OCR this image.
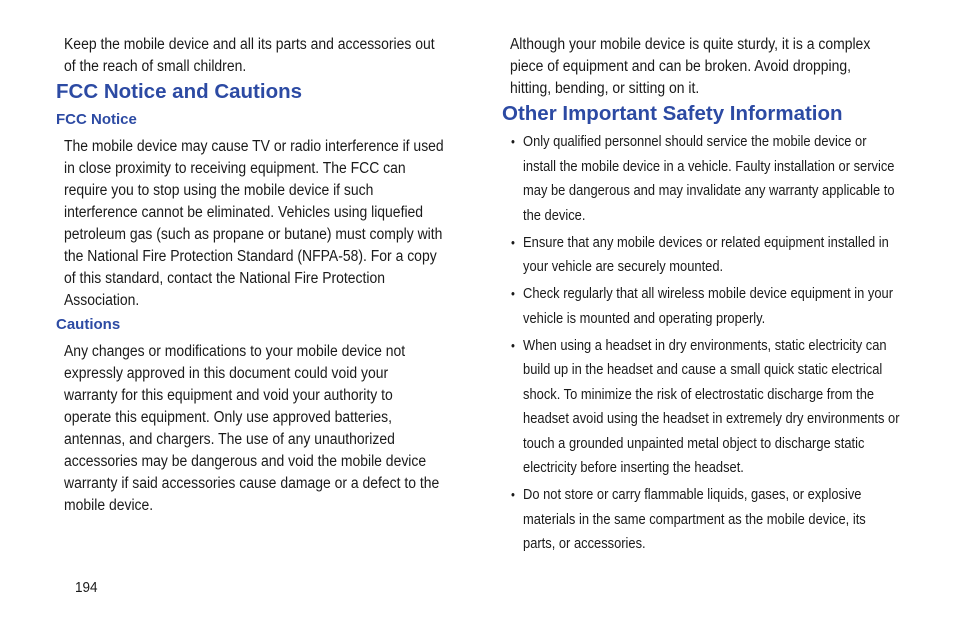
Keep the mobile device and all its parts and accessories out
of the reach of small children.
FCC Notice and Cautions
FCC Notice
The mobile device may cause TV or radio interference if used
in close proximity to receiving equipment. The FCC can
require you to stop using the mobile device if such
interference cannot be eliminated. Vehicles using liquefied
petroleum gas (such as propane or butane) must comply with
the National Fire Protection Standard (NFPA-58). For a copy
of this standard, contact the National Fire Protection
Association.
Cautions
Any changes or modifications to your mobile device not
expressly approved in this document could void your
warranty for this equipment and void your authority to
operate this equipment. Only use approved batteries,
antennas, and chargers. The use of any unauthorized
accessories may be dangerous and void the mobile device
warranty if said accessories cause damage or a defect to the
mobile device.
Although your mobile device is quite sturdy, it is a complex
piece of equipment and can be broken. Avoid dropping,
hitting, bending, or sitting on it.
Other Important Safety Information
• Only qualified personnel should service the mobile device or
install the mobile device in a vehicle. Faulty installation or service
may be dangerous and may invalidate any warranty applicable to
the device.
• Ensure that any mobile devices or related equipment installed in
your vehicle are securely mounted.
• Check regularly that all wireless mobile device equipment in your
vehicle is mounted and operating properly.
• When using a headset in dry environments, static electricity can
build up in the headset and cause a small quick static electrical
shock. To minimize the risk of electrostatic discharge from the
headset avoid using the headset in extremely dry environments or
touch a grounded unpainted metal object to discharge static
electricity before inserting the headset.
• Do not store or carry flammable liquids, gases, or explosive
materials in the same compartment as the mobile device, its
parts, or accessories.
194
